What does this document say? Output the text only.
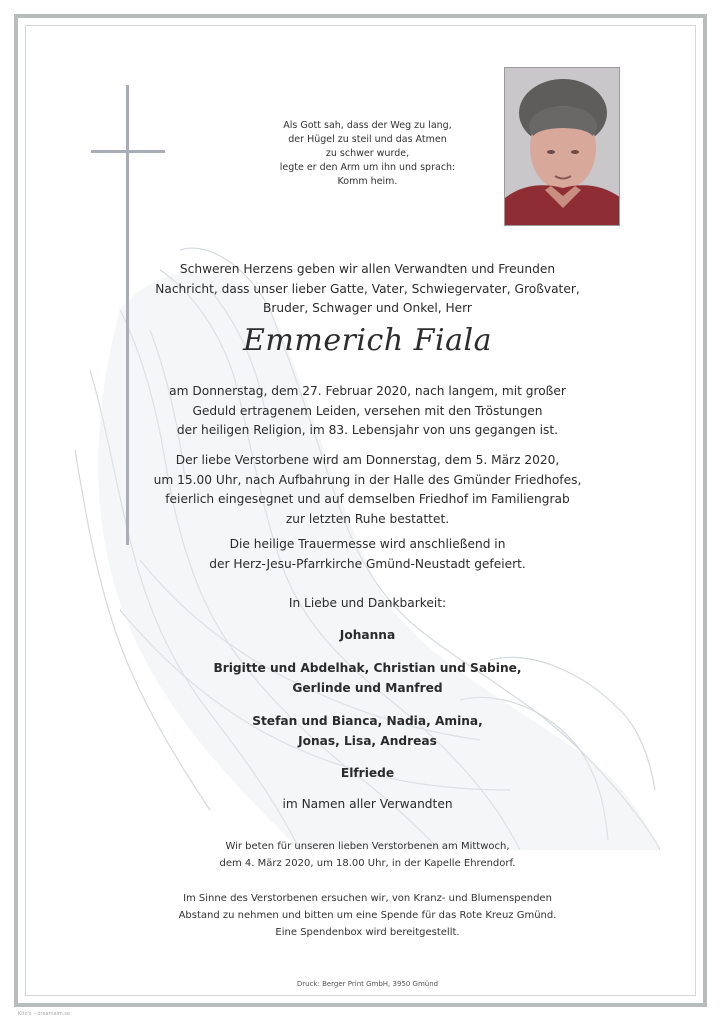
Als Gott sah, dass der Weg zu lang,
der Hügel zu steil und das Atmen
zu schwer wurde,
legte er den Arm um ihn und sprach:
Komm heim.
Schweren Herzens geben wir allen Verwandten und Freunden
Nachricht, dass unser lieber Gatte, Vater, Schwiegervater, Großvater,
Bruder, Schwager und Onkel, Herr
Emmerich Fiala
am Donnerstag, dem 27. Februar 2020, nach langem, mit großer
Geduld ertragenem Leiden, versehen mit den Tröstungen
der heiligen Religion, im 83. Lebensjahr von uns gegangen ist.
Der liebe Verstorbene wird am Donnerstag, dem 5. März 2020,
um 15.00 Uhr, nach Aufbahrung in der Halle des Gmünder Friedhofes,
feierlich eingesegnet und auf demselben Friedhof im Familiengrab
zur letzten Ruhe bestattet.
Die heilige Trauermesse wird anschließend in
der Herz-Jesu-Pfarrkirche Gmünd-Neustadt gefeiert.
In Liebe und Dankbarkeit:
Johanna
Brigitte und Abdelhak, Christian und Sabine,
Gerlinde und Manfred
Stefan und Bianca, Nadia, Amina,
Jonas, Lisa, Andreas
Elfriede
im Namen aller Verwandten
Wir beten für unseren lieben Verstorbenen am Mittwoch,
dem 4. März 2020, um 18.00 Uhr, in der Kapelle Ehrendorf.
Im Sinne des Verstorbenen ersuchen wir, von Kranz- und Blumenspenden
Abstand zu nehmen und bitten um eine Spende für das Rote Kreuz Gmünd.
Eine Spendenbox wird bereitgestellt.
Druck: Berger Print GmbH, 3950 Gmünd
Kito's – dreamaim.se
